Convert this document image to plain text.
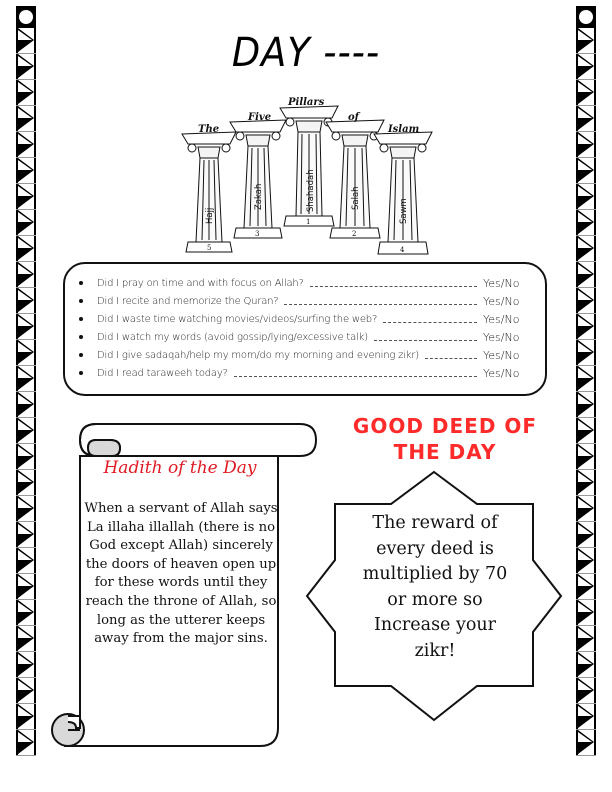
DAY ----
The
Five
Pillars
of
Islam
Hajj
Zakah	Shahadah	Salah	Sawm
5
3
1
2
4
Did I pray on time and with focus on Allah?	Yes/No
Did I recite and memorize the Quran?	Yes/No
Did I waste time watching movies/videos/surfing the web?	Yes/No
Did I watch my words (avoid gossip/lying/excessive talk)	Yes/No
Did I give sadaqah/help my mom/do my morning and evening zikr)	Yes/No
Did I read taraweeh today?	Yes/No
Hadith of the Day
When a servant of Allah says La illaha illallah (there is no God except Allah) sincerely the doors of heaven open up for these words until they reach the throne of Allah, so long as the utterer keeps away from the major sins.
GOOD DEED OF THE DAY
The reward of every deed is multiplied by 70 or more so Increase your zikr!
